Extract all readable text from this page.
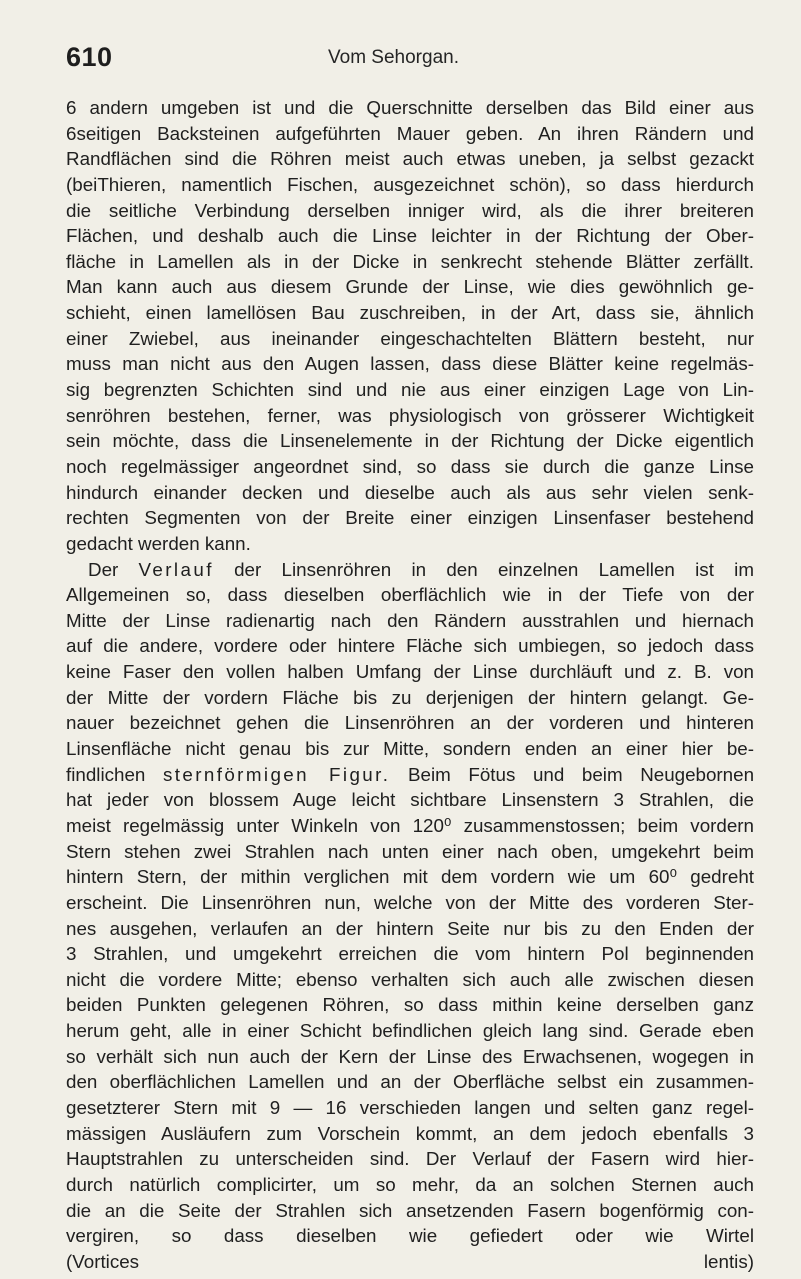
610	Vom Sehorgan.
6 andern umgeben ist und die Querschnitte derselben das Bild einer aus
6seitigen Backsteinen aufgeführten Mauer geben. An ihren Rändern und
Randflächen sind die Röhren meist auch etwas uneben, ja selbst gezackt
(beiThieren, namentlich Fischen, ausgezeichnet schön), so dass hierdurch
die seitliche Verbindung derselben inniger wird, als die ihrer breiteren
Flächen, und deshalb auch die Linse leichter in der Richtung der Ober-
fläche in Lamellen als in der Dicke in senkrecht stehende Blätter zerfällt.
Man kann auch aus diesem Grunde der Linse, wie dies gewöhnlich ge-
schieht, einen lamellösen Bau zuschreiben, in der Art, dass sie, ähnlich
einer Zwiebel, aus ineinander eingeschachtelten Blättern besteht, nur
muss man nicht aus den Augen lassen, dass diese Blätter keine regelmäs-
sig begrenzten Schichten sind und nie aus einer einzigen Lage von Lin-
senröhren bestehen, ferner, was physiologisch von grösserer Wichtigkeit
sein möchte, dass die Linsenelemente in der Richtung der Dicke eigentlich
noch regelmässiger angeordnet sind, so dass sie durch die ganze Linse
hindurch einander decken und dieselbe auch als aus sehr vielen senk-
rechten Segmenten von der Breite einer einzigen Linsenfaser bestehend
gedacht werden kann.
Der Verlauf der Linsenröhren in den einzelnen Lamellen ist im
Allgemeinen so, dass dieselben oberflächlich wie in der Tiefe von der
Mitte der Linse radienartig nach den Rändern ausstrahlen und hiernach
auf die andere, vordere oder hintere Fläche sich umbiegen, so jedoch dass
keine Faser den vollen halben Umfang der Linse durchläuft und z. B. von
der Mitte der vordern Fläche bis zu derjenigen der hintern gelangt. Ge-
nauer bezeichnet gehen die Linsenröhren an der vorderen und hinteren
Linsenfläche nicht genau bis zur Mitte, sondern enden an einer hier be-
findlichen sternförmigen Figur. Beim Fötus und beim Neugebornen
hat jeder von blossem Auge leicht sichtbare Linsenstern 3 Strahlen, die
meist regelmässig unter Winkeln von 120⁰ zusammenstossen; beim vordern
Stern stehen zwei Strahlen nach unten einer nach oben, umgekehrt beim
hintern Stern, der mithin verglichen mit dem vordern wie um 60⁰ gedreht
erscheint. Die Linsenröhren nun, welche von der Mitte des vorderen Ster-
nes ausgehen, verlaufen an der hintern Seite nur bis zu den Enden der
3 Strahlen, und umgekehrt erreichen die vom hintern Pol beginnenden
nicht die vordere Mitte; ebenso verhalten sich auch alle zwischen diesen
beiden Punkten gelegenen Röhren, so dass mithin keine derselben ganz
herum geht, alle in einer Schicht befindlichen gleich lang sind. Gerade eben
so verhält sich nun auch der Kern der Linse des Erwachsenen, wogegen in
den oberflächlichen Lamellen und an der Oberfläche selbst ein zusammen-
gesetzterer Stern mit 9 — 16 verschieden langen und selten ganz regel-
mässigen Ausläufern zum Vorschein kommt, an dem jedoch ebenfalls 3
Hauptstrahlen zu unterscheiden sind. Der Verlauf der Fasern wird hier-
durch natürlich complicirter, um so mehr, da an solchen Sternen auch
die an die Seite der Strahlen sich ansetzenden Fasern bogenförmig con-
vergiren, so dass dieselben wie gefiedert oder wie Wirtel
(Vortices lentis)
